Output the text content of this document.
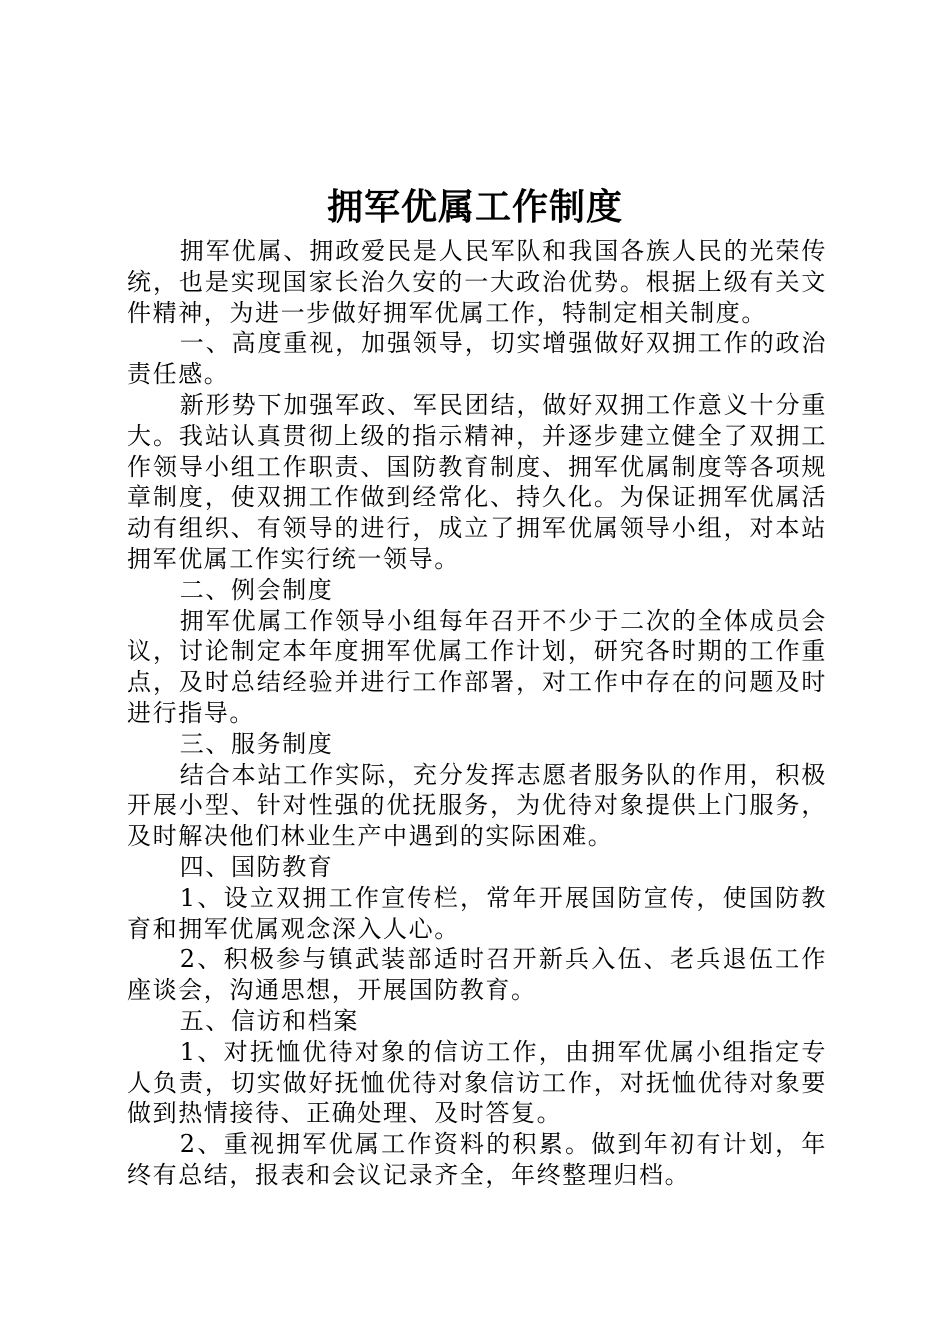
拥军优属工作制度

拥军优属、拥政爱民是人民军队和我国各族人民的光荣传统，也是实现国家长治久安的一大政治优势。根据上级有关文件精神，为进一步做好拥军优属工作，特制定相关制度。

一、高度重视，加强领导，切实增强做好双拥工作的政治责任感。

新形势下加强军政、军民团结，做好双拥工作意义十分重大。我站认真贯彻上级的指示精神，并逐步建立健全了双拥工作领导小组工作职责、国防教育制度、拥军优属制度等各项规章制度，使双拥工作做到经常化、持久化。为保证拥军优属活动有组织、有领导的进行，成立了拥军优属领导小组，对本站拥军优属工作实行统一领导。

二、例会制度

拥军优属工作领导小组每年召开不少于二次的全体成员会议，讨论制定本年度拥军优属工作计划，研究各时期的工作重点，及时总结经验并进行工作部署，对工作中存在的问题及时进行指导。

三、服务制度

结合本站工作实际，充分发挥志愿者服务队的作用，积极开展小型、针对性强的优抚服务，为优待对象提供上门服务，及时解决他们林业生产中遇到的实际困难。

四、国防教育

1、设立双拥工作宣传栏，常年开展国防宣传，使国防教育和拥军优属观念深入人心。

2、积极参与镇武装部适时召开新兵入伍、老兵退伍工作座谈会，沟通思想，开展国防教育。

五、信访和档案

1、对抚恤优待对象的信访工作，由拥军优属小组指定专人负责，切实做好抚恤优待对象信访工作，对抚恤优待对象要做到热情接待、正确处理、及时答复。

2、重视拥军优属工作资料的积累。做到年初有计划，年终有总结，报表和会议记录齐全，年终整理归档。
